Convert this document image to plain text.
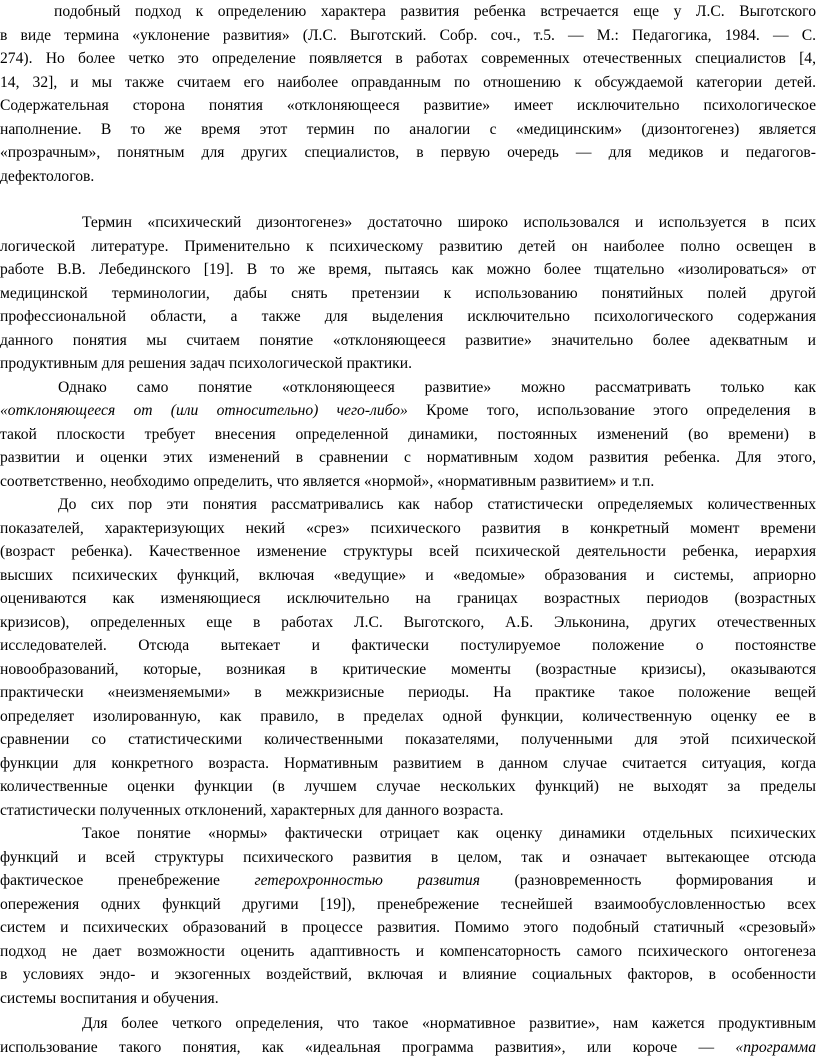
подобный подход к определению характера развития ребенка встречается еще у Л.С. Выготского
в виде термина «уклонение развития» (Л.С. Выготский. Собр. соч., т.5. — М.: Педагогика, 1984. — С.
274). Но более четко это определение появляется в работах современных отечественных специалистов [4,
14, 32], и мы также считаем его наиболее оправданным по отношению к обсуждаемой категории детей.
Содержательная сторона понятия «отклоняющееся развитие» имеет исключительно психологическое
наполнение. В то же время этот термин по аналогии с «медицинским» (дизонтогенез) является
«прозрачным», понятным для других специалистов, в первую очередь — для медиков и педагогов-
дефектологов.
Термин «психический дизонтогенез» достаточно широко использовался и используется в псих
логической литературе. Применительно к психическому развитию детей он наиболее полно освещен в
работе В.В. Лебединского [19]. В то же время, пытаясь как можно более тщательно «изолироваться» от
медицинской терминологии, дабы снять претензии к использованию понятийных полей другой
профессиональной области, а также для выделения исключительно психологического содержания
данного понятия мы считаем понятие «отклоняющееся развитие» значительно более адекватным и
продуктивным для решения задач психологической практики.
Однако само понятие «отклоняющееся развитие» можно рассматривать только как
«отклоняющееся от (или относительно) чего-либо» Кроме того, использование этого определения в
такой плоскости требует внесения определенной динамики, постоянных изменений (во времени) в
развитии и оценки этих изменений в сравнении с нормативным ходом развития ребенка. Для этого,
соответственно, необходимо определить, что является «нормой», «нормативным развитием» и т.п.
До сих пор эти понятия рассматривались как набор статистически определяемых количественных
показателей, характеризующих некий «срез» психического развития в конкретный момент времени
(возраст ребенка). Качественное изменение структуры всей психической деятельности ребенка, иерархия
высших психических функций, включая «ведущие» и «ведомые» образования и системы, априорно
оцениваются как изменяющиеся исключительно на границах возрастных периодов (возрастных
кризисов), определенных еще в работах Л.С. Выготского, А.Б. Эльконина, других отечественных
исследователей. Отсюда вытекает и фактически постулируемое положение о постоянстве
новообразований, которые, возникая в критические моменты (возрастные кризисы), оказываются
практически «неизменяемыми» в межкризисные периоды. На практике такое положение вещей
определяет изолированную, как правило, в пределах одной функции, количественную оценку ее в
сравнении со статистическими количественными показателями, полученными для этой психической
функции для конкретного возраста. Нормативным развитием в данном случае считается ситуация, когда
количественные оценки функции (в лучшем случае нескольких функций) не выходят за пределы
статистически полученных отклонений, характерных для данного возраста.
Такое понятие «нормы» фактически отрицает как оценку динамики отдельных психических
функций и всей структуры психического развития в целом, так и означает вытекающее отсюда
фактическое пренебрежение гетерохронностью развития (разновременность формирования и
опережения одних функций другими [19]), пренебрежение теснейшей взаимообусловленностью всех
систем и психических образований в процессе развития. Помимо этого подобный статичный «срезовый»
подход не дает возможности оценить адаптивность и компенсаторность самого психического онтогенеза
в условиях эндо- и экзогенных воздействий, включая и влияние социальных факторов, в особенности
системы воспитания и обучения.
Для более четкого определения, что такое «нормативное развитие», нам кажется продуктивным
использование такого понятия, как «идеальная программа развития», или короче — «программа
